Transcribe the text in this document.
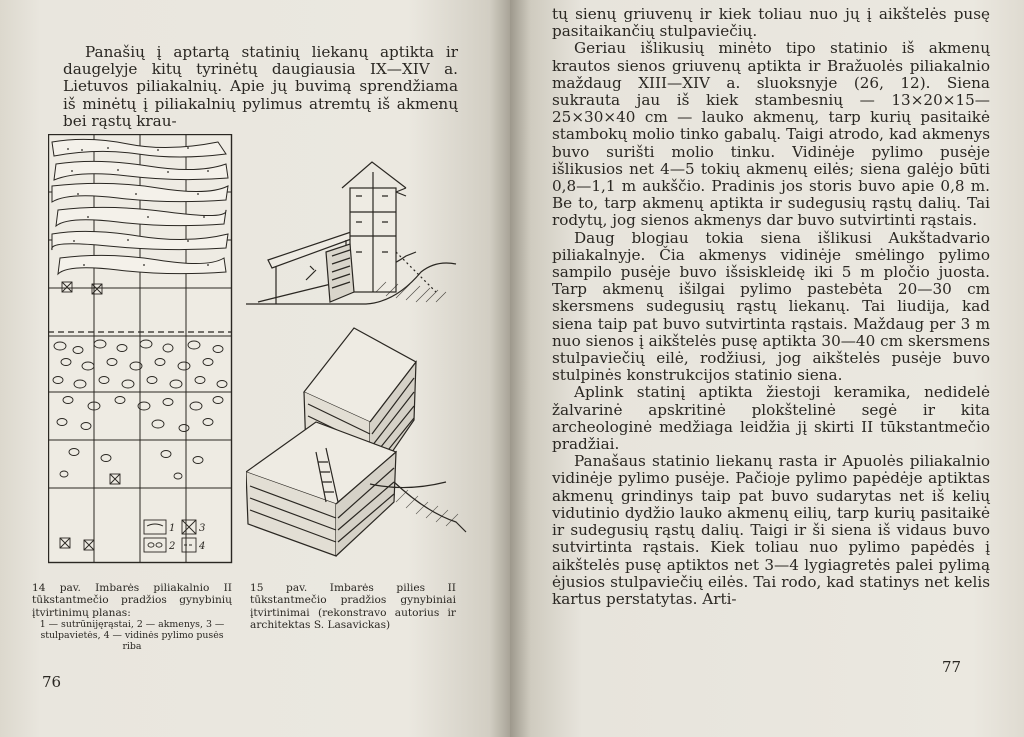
Panašių į aptartą statinių liekanų aptikta ir daugelyje kitų tyrinėtų daugiausia IX—XIV a. Lietuvos piliakalnių. Apie jų buvimą sprendžiama iš minėtų į piliakalnių pylimus atremtų iš akmenų bei rąstų krau-

1 3
2 4
14 pav. Imbarės piliakalnio II tūkstantmečio pradžios gynybinių įtvirtinimų planas:
1 — sutrūnijęrąstai, 2 — akmenys, 3 — stulpavietės, 4 — vidinės pylimo pusės riba
15 pav. Imbarės pilies II tūkstantmečio pradžios gynybiniai įtvirtinimai (rekonstravo autorius ir architektas S. Lasavickas)
76

tų sienų griuvenų ir kiek toliau nuo jų į aikštelės pusę pasitaikančių stulpaviečių.

Geriau išlikusių minėto tipo statinio iš akmenų krautos sienos griuvenų aptikta ir Bražuolės piliakalnio maždaug XIII—XIV a. sluoksnyje (26, 12). Siena sukrauta jau iš kiek stambesnių — 13×20×15—25×30×40 cm — lauko akmenų, tarp kurių pasitaikė stambokų molio tinko gabalų. Taigi atrodo, kad akmenys buvo surišti molio tinku. Vidinėje pylimo pusėje išlikusios net 4—5 tokių akmenų eilės; siena galėjo būti 0,8—1,1 m aukščio. Pradinis jos storis buvo apie 0,8 m. Be to, tarp akmenų aptikta ir sudegusių rąstų dalių. Tai rodytų, jog sienos akmenys dar buvo sutvirtinti rąstais.

Daug blogiau tokia siena išlikusi Aukštadvario piliakalnyje. Čia akmenys vidinėje smėlingo pylimo sampilo pusėje buvo išsiskleidę iki 5 m pločio juosta. Tarp akmenų išilgai pylimo pastebėta 20—30 cm skersmens sudegusių rąstų liekanų. Tai liudija, kad siena taip pat buvo sutvirtinta rąstais. Maždaug per 3 m nuo sienos į aikštelės pusę aptikta 30—40 cm skersmens stulpaviečių eilė, rodžiusi, jog aikštelės pusėje buvo stulpinės konstrukcijos statinio siena.

Aplink statinį aptikta žiestoji keramika, nedidelė žalvarinė apskritinė plokštelinė segė ir kita archeologinė medžiaga leidžia jį skirti II tūkstantmečio pradžiai.

Panašaus statinio liekanų rasta ir Apuolės piliakalnio vidinėje pylimo pusėje. Pačioje pylimo papėdėje aptiktas akmenų grindinys taip pat buvo sudarytas net iš kelių vidutinio dydžio lauko akmenų eilių, tarp kurių pasitaikė ir sudegusių rąstų dalių. Taigi ir ši siena iš vidaus buvo sutvirtinta rąstais. Kiek toliau nuo pylimo papėdės į aikštelės pusę aptiktos net 3—4 lygiagretės palei pylimą ėjusios stulpaviečių eilės. Tai rodo, kad statinys net kelis kartus perstatytas. Arti-

77
